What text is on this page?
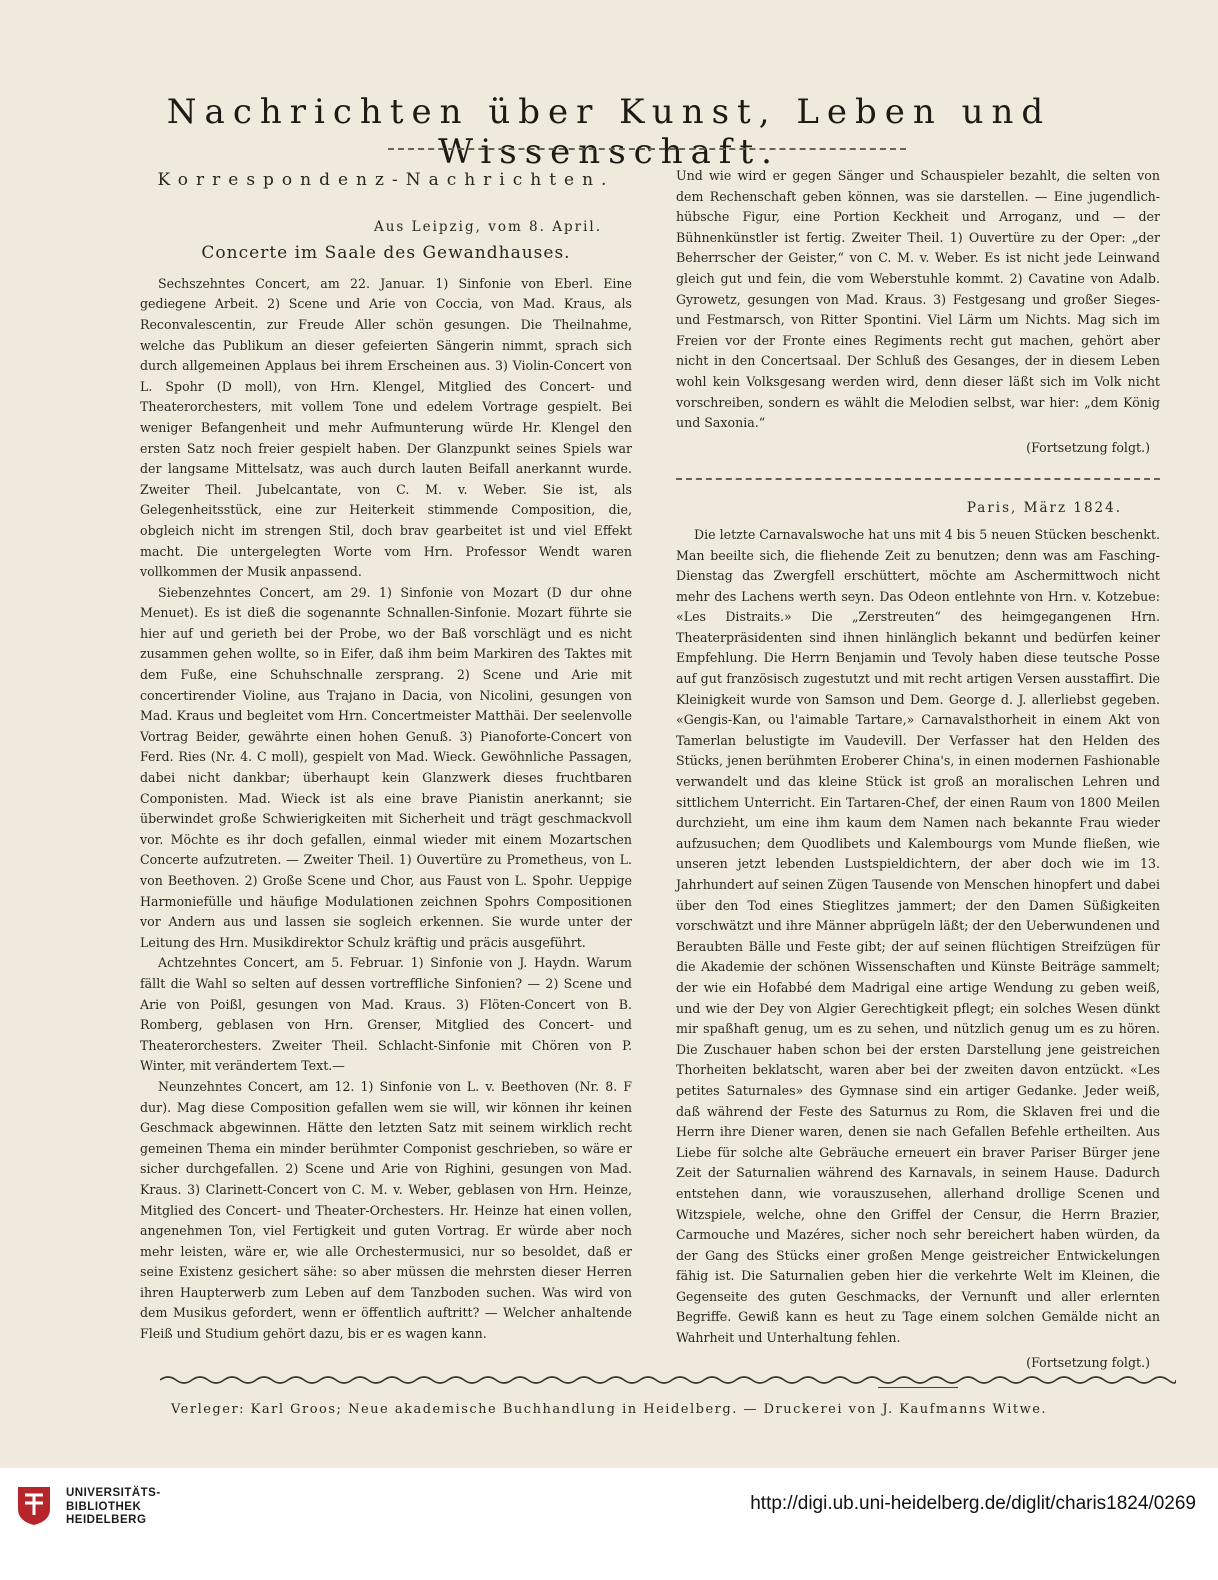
Nachrichten über Kunst, Leben und Wissenschaft.
Korrespondenz-Nachrichten.
Aus Leipzig, vom 8. April.
Concerte im Saale des Gewandhauses.

Sechszehntes Concert, am 22. Januar. 1) Sinfonie von Eberl. Eine gediegene Arbeit. 2) Scene und Arie von Coccia, von Mad. Kraus, als Reconvalescentin, zur Freude Aller schön gesungen. Die Theilnahme, welche das Publikum an dieser gefeierten Sängerin nimmt, sprach sich durch allgemeinen Applaus bei ihrem Erscheinen aus. 3) Violin-Concert von L. Spohr (D moll), von Hrn. Klengel, Mitglied des Concert- und Theaterorchesters, mit vollem Tone und edelem Vortrage gespielt. Bei weniger Befangenheit und mehr Aufmunterung würde Hr. Klengel den ersten Satz noch freier gespielt haben. Der Glanzpunkt seines Spiels war der langsame Mittelsatz, was auch durch lauten Beifall anerkannt wurde. Zweiter Theil. Jubelcantate, von C. M. v. Weber. Sie ist, als Gelegenheitsstück, eine zur Heiterkeit stimmende Composition, die, obgleich nicht im strengen Stil, doch brav gearbeitet ist und viel Effekt macht. Die untergelegten Worte vom Hrn. Professor Wendt waren vollkommen der Musik anpassend.

Siebenzehntes Concert, am 29. 1) Sinfonie von Mozart (D dur ohne Menuet). Es ist dieß die sogenannte Schnallen-Sinfonie. Mozart führte sie hier auf und gerieth bei der Probe, wo der Baß vorschlägt und es nicht zusammen gehen wollte, so in Eifer, daß ihm beim Markiren des Taktes mit dem Fuße, eine Schuhschnalle zersprang. 2) Scene und Arie mit concertirender Violine, aus Trajano in Dacia, von Nicolini, gesungen von Mad. Kraus und begleitet vom Hrn. Concertmeister Matthäi. Der seelenvolle Vortrag Beider, gewährte einen hohen Genuß. 3) Pianoforte-Concert von Ferd. Ries (Nr. 4. C moll), gespielt von Mad. Wieck. Gewöhnliche Passagen, dabei nicht dankbar; überhaupt kein Glanzwerk dieses fruchtbaren Componisten. Mad. Wieck ist als eine brave Pianistin anerkannt; sie überwindet große Schwierigkeiten mit Sicherheit und trägt geschmackvoll vor. Möchte es ihr doch gefallen, einmal wieder mit einem Mozartschen Concerte aufzutreten. — Zweiter Theil. 1) Ouvertüre zu Prometheus, von L. von Beethoven. 2) Große Scene und Chor, aus Faust von L. Spohr. Ueppige Harmoniefülle und häufige Modulationen zeichnen Spohrs Compositionen vor Andern aus und lassen sie sogleich erkennen. Sie wurde unter der Leitung des Hrn. Musikdirektor Schulz kräftig und präcis ausgeführt.

Achtzehntes Concert, am 5. Februar. 1) Sinfonie von J. Haydn. Warum fällt die Wahl so selten auf dessen vortreffliche Sinfonien? — 2) Scene und Arie von Poißl, gesungen von Mad. Kraus. 3) Flöten-Concert von B. Romberg, geblasen von Hrn. Grenser, Mitglied des Concert- und Theaterorchesters. Zweiter Theil. Schlacht-Sinfonie mit Chören von P. Winter, mit verändertem Text.—

Neunzehntes Concert, am 12. 1) Sinfonie von L. v. Beethoven (Nr. 8. F dur). Mag diese Composition gefallen wem sie will, wir können ihr keinen Geschmack abgewinnen. Hätte den letzten Satz mit seinem wirklich recht gemeinen Thema ein minder berühmter Componist geschrieben, so wäre er sicher durchgefallen. 2) Scene und Arie von Righini, gesungen von Mad. Kraus. 3) Clarinett-Concert von C. M. v. Weber, geblasen von Hrn. Heinze, Mitglied des Concert- und Theater-Orchesters. Hr. Heinze hat einen vollen, angenehmen Ton, viel Fertigkeit und guten Vortrag. Er würde aber noch mehr leisten, wäre er, wie alle Orchestermusici, nur so besoldet, daß er seine Existenz gesichert sähe: so aber müssen die mehrsten dieser Herren ihren Haupterwerb zum Leben auf dem Tanzboden suchen. Was wird von dem Musikus gefordert, wenn er öffentlich auftritt? — Welcher anhaltende Fleiß und Studium gehört dazu, bis er es wagen kann.

Und wie wird er gegen Sänger und Schauspieler bezahlt, die selten von dem Rechenschaft geben können, was sie darstellen. — Eine jugendlich-hübsche Figur, eine Portion Keckheit und Arroganz, und — der Bühnenkünstler ist fertig. Zweiter Theil. 1) Ouvertüre zu der Oper: „der Beherrscher der Geister,“ von C. M. v. Weber. Es ist nicht jede Leinwand gleich gut und fein, die vom Weberstuhle kommt. 2) Cavatine von Adalb. Gyrowetz, gesungen von Mad. Kraus. 3) Festgesang und großer Sieges- und Festmarsch, von Ritter Spontini. Viel Lärm um Nichts. Mag sich im Freien vor der Fronte eines Regiments recht gut machen, gehört aber nicht in den Concertsaal. Der Schluß des Gesanges, der in diesem Leben wohl kein Volksgesang werden wird, denn dieser läßt sich im Volk nicht vorschreiben, sondern es wählt die Melodien selbst, war hier: „dem König und Saxonia.“

(Fortsetzung folgt.)
Paris, März 1824.

Die letzte Carnavalswoche hat uns mit 4 bis 5 neuen Stücken beschenkt. Man beeilte sich, die fliehende Zeit zu benutzen; denn was am Fasching-Dienstag das Zwergfell erschüttert, möchte am Aschermittwoch nicht mehr des Lachens werth seyn. Das Odeon entlehnte von Hrn. v. Kotzebue: «Les Distraits.» Die „Zerstreuten“ des heimgegangenen Hrn. Theaterpräsidenten sind ihnen hinlänglich bekannt und bedürfen keiner Empfehlung. Die Herrn Benjamin und Tevoly haben diese teutsche Posse auf gut französisch zugestutzt und mit recht artigen Versen ausstaffirt. Die Kleinigkeit wurde von Samson und Dem. George d. J. allerliebst gegeben. «Gengis-Kan, ou l'aimable Tartare,» Carnavalsthorheit in einem Akt von Tamerlan belustigte im Vaudevill. Der Verfasser hat den Helden des Stücks, jenen berühmten Eroberer China's, in einen modernen Fashionable verwandelt und das kleine Stück ist groß an moralischen Lehren und sittlichem Unterricht. Ein Tartaren-Chef, der einen Raum von 1800 Meilen durchzieht, um eine ihm kaum dem Namen nach bekannte Frau wieder aufzusuchen; dem Quodlibets und Kalembourgs vom Munde fließen, wie unseren jetzt lebenden Lustspieldichtern, der aber doch wie im 13. Jahrhundert auf seinen Zügen Tausende von Menschen hinopfert und dabei über den Tod eines Stieglitzes jammert; der den Damen Süßigkeiten vorschwätzt und ihre Männer abprügeln läßt; der den Ueberwundenen und Beraubten Bälle und Feste gibt; der auf seinen flüchtigen Streifzügen für die Akademie der schönen Wissenschaften und Künste Beiträge sammelt; der wie ein Hofabbé dem Madrigal eine artige Wendung zu geben weiß, und wie der Dey von Algier Gerechtigkeit pflegt; ein solches Wesen dünkt mir spaßhaft genug, um es zu sehen, und nützlich genug um es zu hören. Die Zuschauer haben schon bei der ersten Darstellung jene geistreichen Thorheiten beklatscht, waren aber bei der zweiten davon entzückt. «Les petites Saturnales» des Gymnase sind ein artiger Gedanke. Jeder weiß, daß während der Feste des Saturnus zu Rom, die Sklaven frei und die Herrn ihre Diener waren, denen sie nach Gefallen Befehle ertheilten. Aus Liebe für solche alte Gebräuche erneuert ein braver Pariser Bürger jene Zeit der Saturnalien während des Karnavals, in seinem Hause. Dadurch entstehen dann, wie vorauszusehen, allerhand drollige Scenen und Witzspiele, welche, ohne den Griffel der Censur, die Herrn Brazier, Carmouche und Mazéres, sicher noch sehr bereichert haben würden, da der Gang des Stücks einer großen Menge geistreicher Entwickelungen fähig ist. Die Saturnalien geben hier die verkehrte Welt im Kleinen, die Gegenseite des guten Geschmacks, der Vernunft und aller erlernten Begriffe. Gewiß kann es heut zu Tage einem solchen Gemälde nicht an Wahrheit und Unterhaltung fehlen.

(Fortsetzung folgt.)
Verleger: Karl Groos; Neue akademische Buchhandlung in Heidelberg. — Druckerei von J. Kaufmanns Witwe.
UNIVERSITÄTS-
BIBLIOTHEK
HEIDELBERG
http://digi.ub.uni-heidelberg.de/diglit/charis1824/0269
